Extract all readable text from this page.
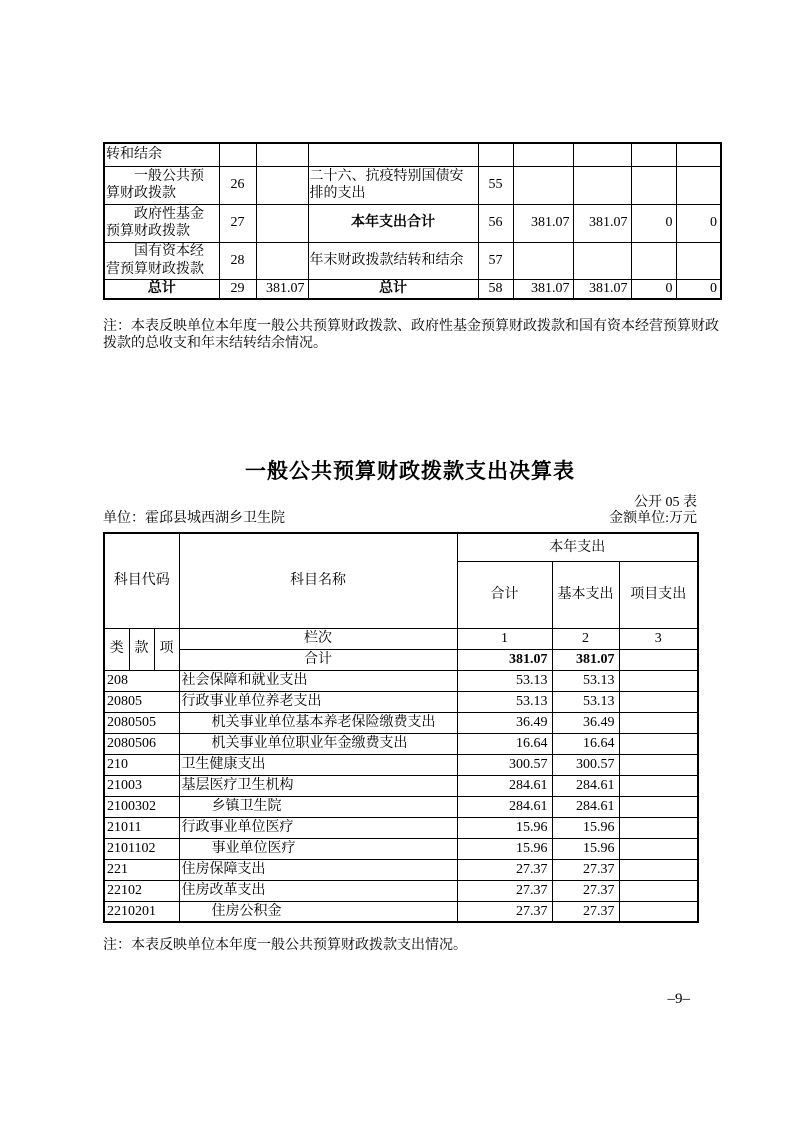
转和结余								
一般公共预算财政拨款	26		二十六、抗疫特别国债安排的支出	55				
政府性基金预算财政拨款	27		本年支出合计	56	381.07	381.07	0	0
国有资本经营预算财政拨款	28		年末财政拨款结转和结余	57				
总计	29	381.07	总计	58	381.07	381.07	0	0

注：本表反映单位本年度一般公共预算财政拨款、政府性基金预算财政拨款和国有资本经营预算财政拨款的总收支和年末结转结余情况。

一般公共预算财政拨款支出决算表
公开 05 表
单位：霍邱县城西湖乡卫生院	金额单位:万元
科目代码			科目名称	本年支出		
				合计	基本支出	项目支出
类	款	项	栏次	1	2	3
			合计	381.07	381.07	
208			社会保障和就业支出	53.13	53.13	
20805			行政事业单位养老支出	53.13	53.13	
2080505			机关事业单位基本养老保险缴费支出	36.49	36.49	
2080506			机关事业单位职业年金缴费支出	16.64	16.64	
210			卫生健康支出	300.57	300.57	
21003			基层医疗卫生机构	284.61	284.61	
2100302			乡镇卫生院	284.61	284.61	
21011			行政事业单位医疗	15.96	15.96	
2101102			事业单位医疗	15.96	15.96	
221			住房保障支出	27.37	27.37	
22102			住房改革支出	27.37	27.37	
2210201			住房公积金	27.37	27.37	

注：本表反映单位本年度一般公共预算财政拨款支出情况。

–9–
